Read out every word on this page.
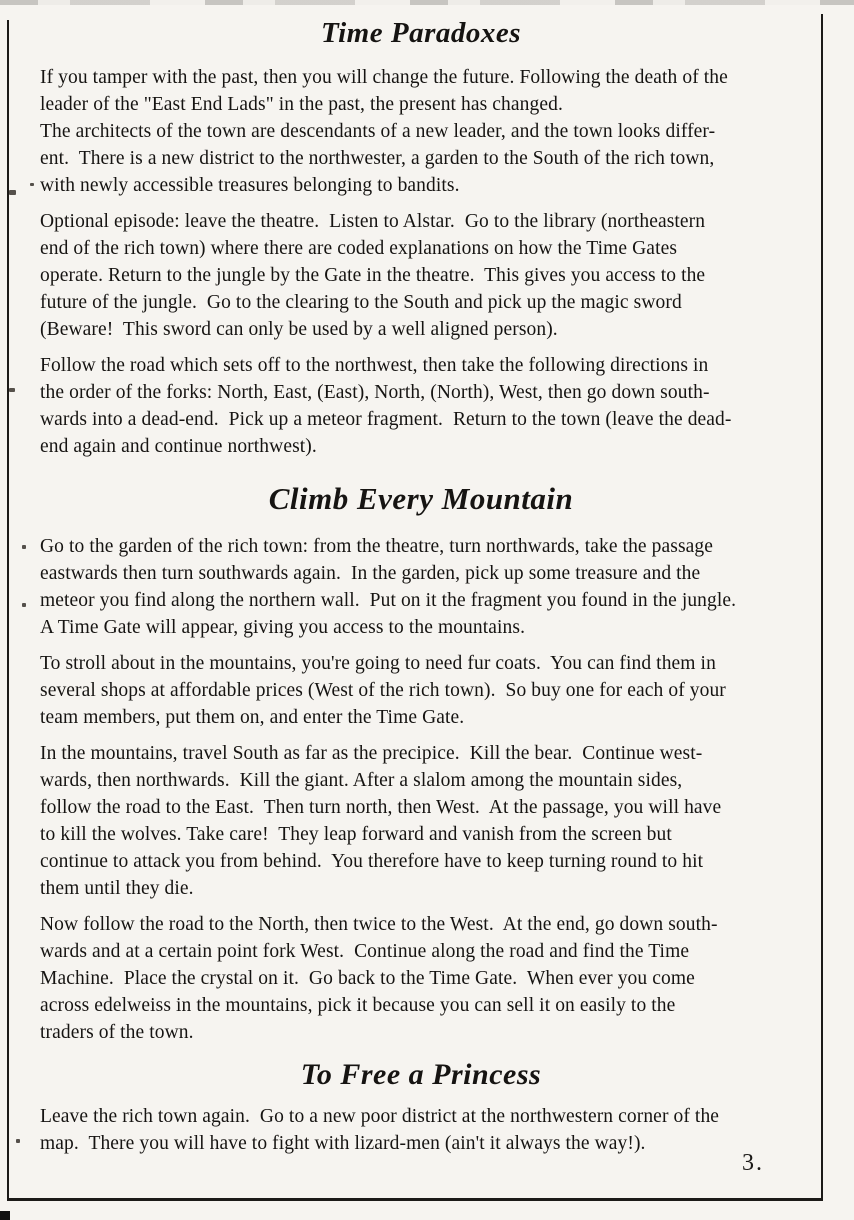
Time Paradoxes
If you tamper with the past, then you will change the future. Following the death of the
leader of the "East End Lads" in the past, the present has changed.
The architects of the town are descendants of a new leader, and the town looks differ-
ent.  There is a new district to the northwester, a garden to the South of the rich town,
with newly accessible treasures belonging to bandits.
Optional episode: leave the theatre.  Listen to Alstar.  Go to the library (northeastern
end of the rich town) where there are coded explanations on how the Time Gates
operate. Return to the jungle by the Gate in the theatre.  This gives you access to the
future of the jungle.  Go to the clearing to the South and pick up the magic sword
(Beware!  This sword can only be used by a well aligned person).
Follow the road which sets off to the northwest, then take the following directions in
the order of the forks: North, East, (East), North, (North), West, then go down south-
wards into a dead-end.  Pick up a meteor fragment.  Return to the town (leave the dead-
end again and continue northwest).
Climb Every Mountain
Go to the garden of the rich town: from the theatre, turn northwards, take the passage
eastwards then turn southwards again.  In the garden, pick up some treasure and the
meteor you find along the northern wall.  Put on it the fragment you found in the jungle.
A Time Gate will appear, giving you access to the mountains.
To stroll about in the mountains, you're going to need fur coats.  You can find them in
several shops at affordable prices (West of the rich town).  So buy one for each of your
team members, put them on, and enter the Time Gate.
In the mountains, travel South as far as the precipice.  Kill the bear.  Continue west-
wards, then northwards.  Kill the giant. After a slalom among the mountain sides,
follow the road to the East.  Then turn north, then West.  At the passage, you will have
to kill the wolves. Take care!  They leap forward and vanish from the screen but
continue to attack you from behind.  You therefore have to keep turning round to hit
them until they die.
Now follow the road to the North, then twice to the West.  At the end, go down south-
wards and at a certain point fork West.  Continue along the road and find the Time
Machine.  Place the crystal on it.  Go back to the Time Gate.  When ever you come
across edelweiss in the mountains, pick it because you can sell it on easily to the
traders of the town.
To Free a Princess
Leave the rich town again.  Go to a new poor district at the northwestern corner of the
map.  There you will have to fight with lizard-men (ain't it always the way!).
3.
